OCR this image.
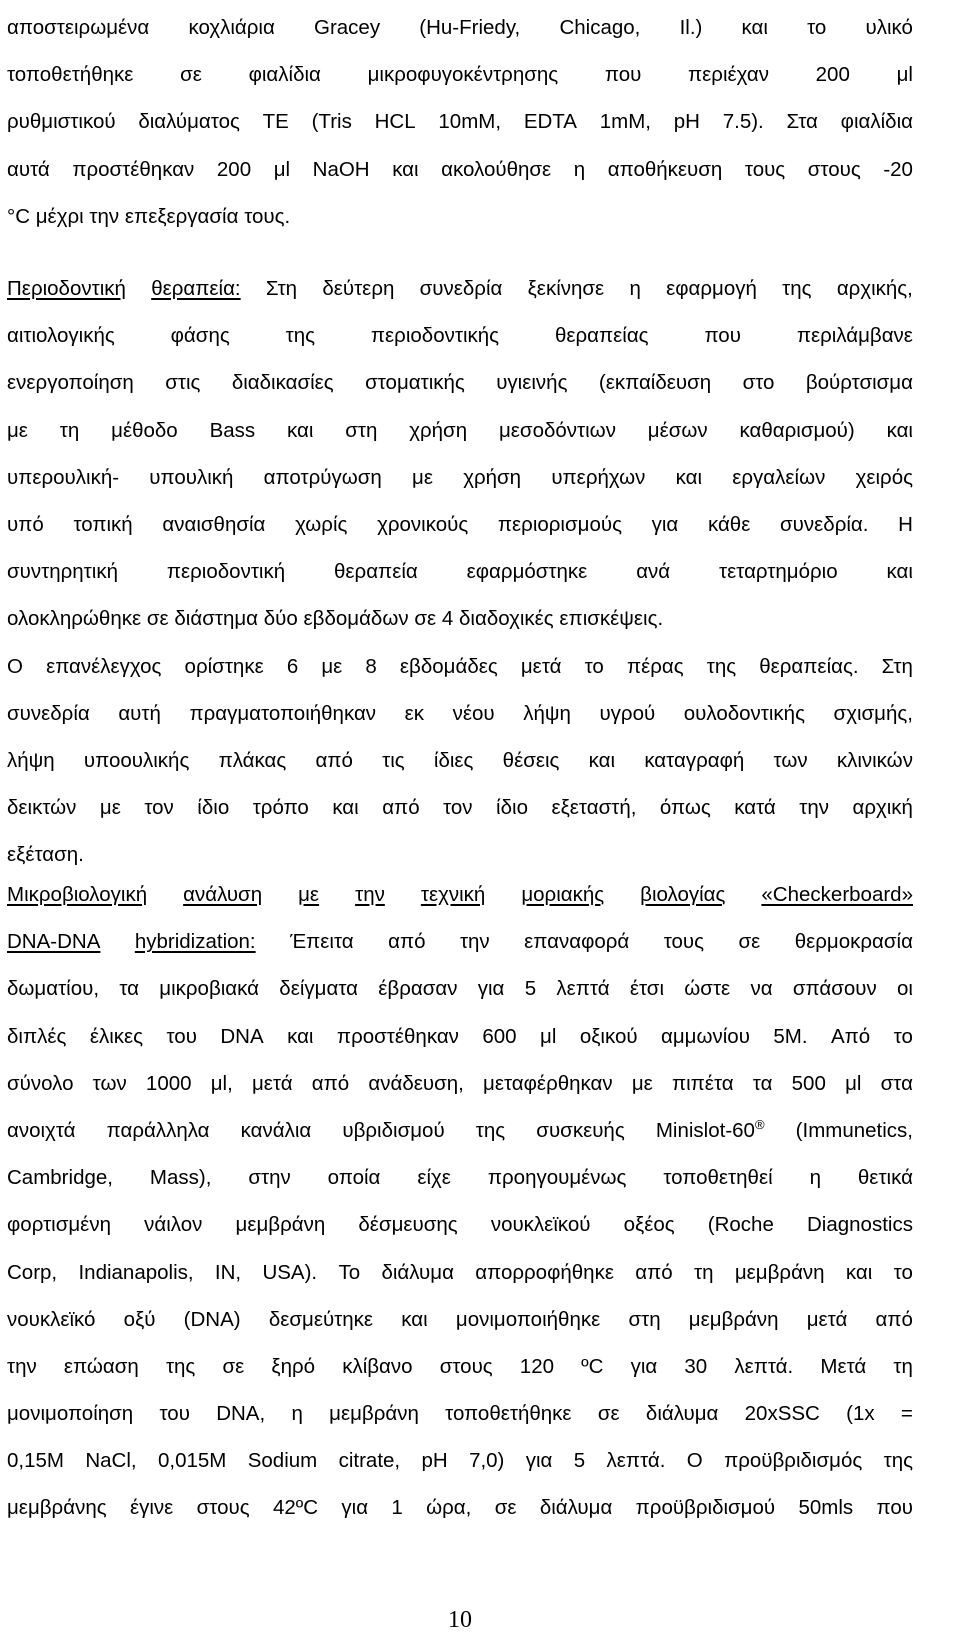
αποστειρωμένα κοχλιάρια Gracey (Hu-Friedy, Chicago, Il.) και το υλικό
τοποθετήθηκε σε φιαλίδια μικροφυγοκέντρησης που περιέχαν 200 μl
ρυθμιστικού διαλύματος ΤΕ (Tris HCL 10mM, EDTA 1mM, pH 7.5). Στα φιαλίδια
αυτά προστέθηκαν 200 μl NaOH και ακολούθησε η αποθήκευση τους στους -20
°C μέχρι την επεξεργασία τους.
Περιοδοντική θεραπεία: Στη δεύτερη συνεδρία ξεκίνησε η εφαρμογή της αρχικής,
αιτιολογικής	φάσης	της	περιοδοντικής	θεραπείας	που	περιλάμβανε
ενεργοποίηση στις διαδικασίες στοματικής υγιεινής (εκπαίδευση στο βούρτσισμα
με τη μέθοδο Bass και στη χρήση μεσοδόντιων μέσων καθαρισμού) και
υπερουλική- υπουλική αποτρύγωση με χρήση υπερήχων και εργαλείων χειρός
υπό τοπική αναισθησία χωρίς χρονικούς περιορισμούς για κάθε συνεδρία. Η
συντηρητική περιοδοντική θεραπεία εφαρμόστηκε ανά τεταρτημόριο και
ολοκληρώθηκε σε διάστημα δύο εβδομάδων σε 4 διαδοχικές επισκέψεις.
Ο επανέλεγχος ορίστηκε 6 με 8 εβδομάδες μετά το πέρας της θεραπείας. Στη
συνεδρία αυτή πραγματοποιήθηκαν εκ νέου λήψη υγρού ουλοδοντικής σχισμής,
λήψη υποουλικής πλάκας από τις ίδιες θέσεις και καταγραφή των κλινικών
δεικτών με τον ίδιο τρόπο και από τον ίδιο εξεταστή, όπως κατά την αρχική
εξέταση.
Μικροβιολογική ανάλυση με την τεχνική μοριακής βιολογίας «Checkerboard»
DNA-DNA hybridization: Έπειτα από την επαναφορά τους σε θερμοκρασία
δωματίου, τα μικροβιακά δείγματα έβρασαν για 5 λεπτά έτσι ώστε να σπάσουν οι
διπλές έλικες του DNA και προστέθηκαν 600 μl οξικού αμμωνίου 5Μ. Από το
σύνολο των 1000 μl, μετά από ανάδευση, μεταφέρθηκαν με πιπέτα τα 500 μl στα
ανοιχτά παράλληλα κανάλια υβριδισμού της συσκευής Minislot-60® (Immunetics,
Cambridge, Mass), στην οποία είχε προηγουμένως τοποθετηθεί η θετικά
φορτισμένη νάιλον μεμβράνη δέσμευσης νουκλεϊκού οξέος (Roche Diagnostics
Corp, Indianapolis, IN, USA). Το διάλυμα απορροφήθηκε από τη μεμβράνη και το
νουκλεϊκό οξύ (DNA) δεσμεύτηκε και μονιμοποιήθηκε στη μεμβράνη μετά από
την επώαση της σε ξηρό κλίβανο στους 120 ºC για 30 λεπτά. Μετά τη
μονιμοποίηση του DNA, η μεμβράνη τοποθετήθηκε σε διάλυμα 20xSSC (1x =
0,15M NaCl, 0,015M Sodium citrate, pH 7,0) για 5 λεπτά. Ο προϋβριδισμός της
μεμβράνης έγινε στους 42ºC για 1 ώρα, σε διάλυμα προϋβριδισμού 50mls που
10
